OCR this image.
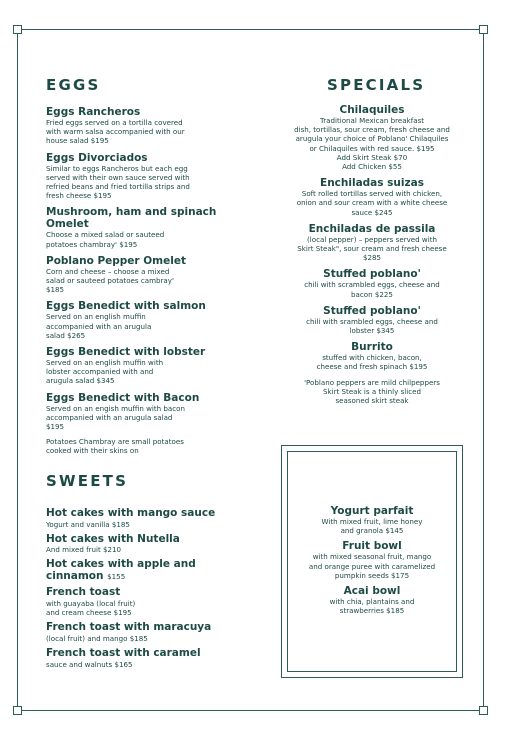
EGGS
Eggs Rancheros
Fried eggs served on a tortilla covered
with warm salsa accompanied with our
house salad $195
Eggs Divorciados
Similar to eggs Rancheros but each egg
served with their own sauce served with
refried beans and fried tortilla strips and
fresh cheese $195
Mushroom, ham and spinach Omelet
Choose a mixed salad or sauteed
potatoes chambray' $195
Poblano Pepper Omelet
Corn and cheese – choose a mixed
salad or sauteed potatoes cambray'
$185
Eggs Benedict with salmon
Served on an english muffin
accompanied with an arugula
salad $265
Eggs Benedict with lobster
Served on an english muffin with
lobster accompanied with and
arugula salad $345
Eggs Benedict with Bacon
Served on an engish muffin with bacon
accompanied with an arugula salad
$195
Potatoes Chambray are small potatoes
cooked with their skins on
SWEETS
Hot cakes with mango sauce
Yogurt and vanilla $185
Hot cakes with Nutella
And mixed fruit $210
Hot cakes with apple and cinnamon $155
French toast
with guayaba (local fruit)
and cream cheese $195
French toast with maracuya
(local fruit) and mango $185
French toast with caramel
sauce and walnuts $165
SPECIALS
Chilaquiles
Traditional Mexican breakfast
dish, tortillas, sour cream, fresh cheese and
arugula your choice of Poblano' Chilaquiles
or Chilaquiles with red sauce. $195
Add Skirt Steak $70
Add Chicken $55
Enchiladas suizas
Soft rolled tortillas served with chicken,
onion and sour cream with a white cheese
sauce $245
Enchiladas de passila
(local pepper) – peppers served with
Skirt Steak", sour cream and fresh cheese
$285
Stuffed poblano'
chili with scrambled eggs, cheese and
bacon $225
Stuffed poblano'
chili with srambled eggs, cheese and
lobster $345
Burrito
stuffed with chicken, bacon,
cheese and fresh spinach $195
'Poblano peppers are mild chilpeppers
Skirt Steak is a thinly sliced
seasoned skirt steak
Yogurt parfait
With mixed fruit, lime honey
and granola $145
Fruit bowl
with mixed seasonal fruit, mango
and orange puree with caramelized
pumpkin seeds $175
Acai bowl
with chia, plantains and
strawberries $185
